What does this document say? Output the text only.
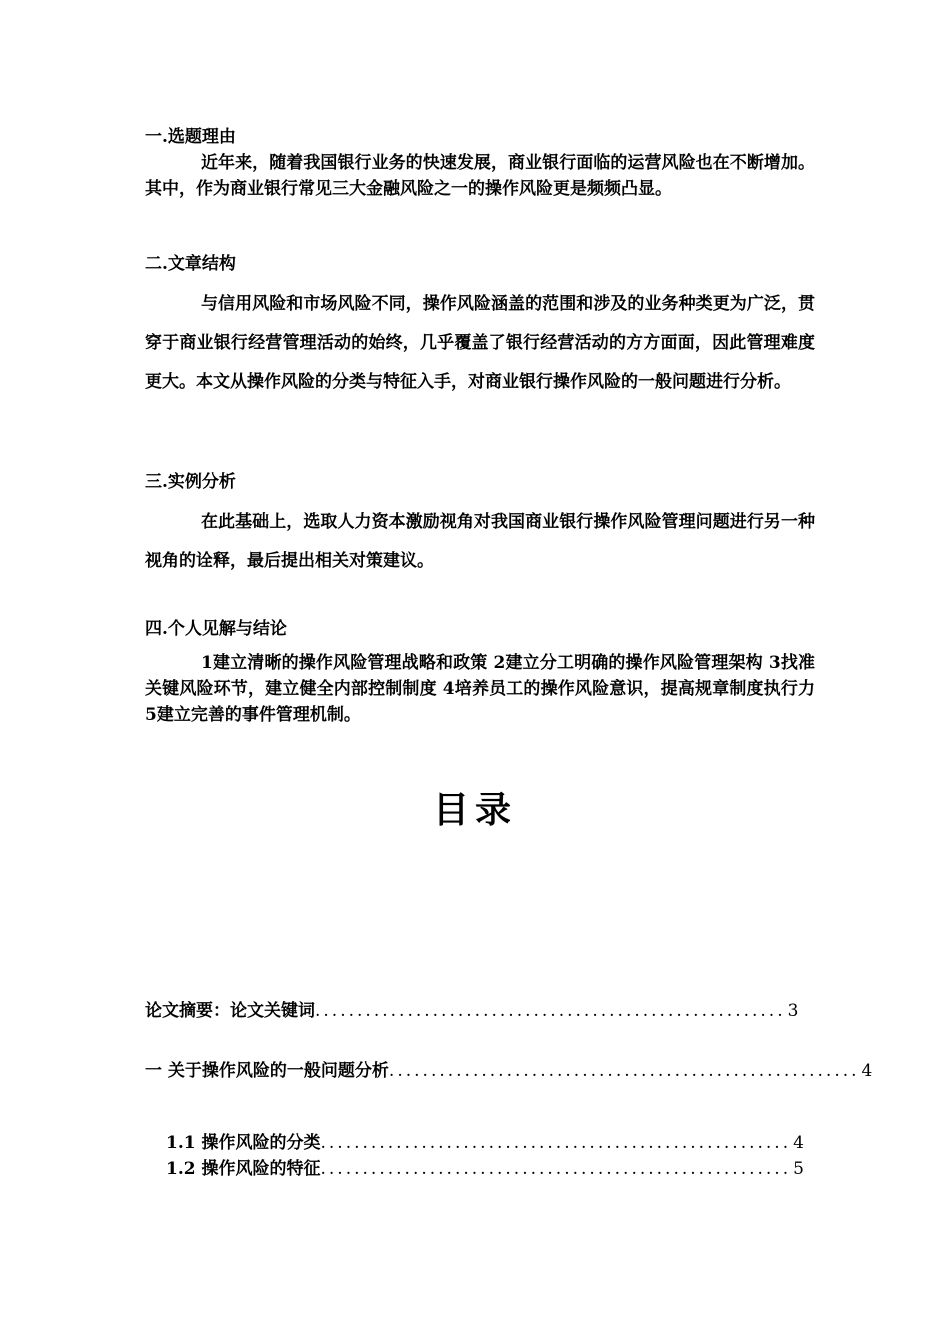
一.选题理由

近年来，随着我国银行业务的快速发展，商业银行面临的运营风险也在不断增加。其中，作为商业银行常见三大金融风险之一的操作风险更是频频凸显。

二.文章结构

与信用风险和市场风险不同，操作风险涵盖的范围和涉及的业务种类更为广泛，贯穿于商业银行经营管理活动的始终，几乎覆盖了银行经营活动的方方面面，因此管理难度更大。本文从操作风险的分类与特征入手，对商业银行操作风险的一般问题进行分析。

三.实例分析

在此基础上，选取人力资本激励视角对我国商业银行操作风险管理问题进行另一种视角的诠释，最后提出相关对策建议。

四.个人见解与结论

1建立清晰的操作风险管理战略和政策 2建立分工明确的操作风险管理架构 3找准关键风险环节，建立健全内部控制制度 4培养员工的操作风险意识，提高规章制度执行力 5建立完善的事件管理机制。

目录
论文摘要：论文关键词 ........................................................ 3
一 关于操作风险的一般问题分析 ........................................................ 4
1.1 操作风险的分类 ........................................................ 4
1.2 操作风险的特征 ........................................................ 5
